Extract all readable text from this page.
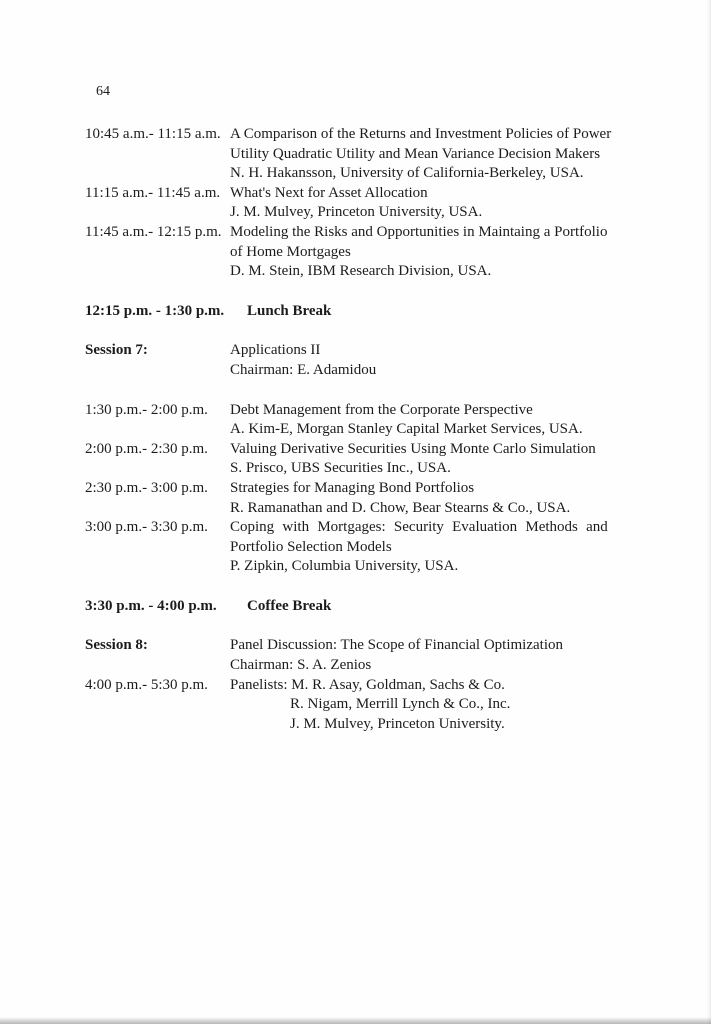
64
10:45 a.m.- 11:15 a.m. A Comparison of the Returns and Investment Policies of Power
Utility Quadratic Utility and Mean Variance Decision Makers
N. H. Hakansson, University of California-Berkeley, USA.
11:15 a.m.- 11:45 a.m. What's Next for Asset Allocation
J. M. Mulvey, Princeton University, USA.
11:45 a.m.- 12:15 p.m. Modeling the Risks and Opportunities in Maintaing a Portfolio
of Home Mortgages
D. M. Stein, IBM Research Division, USA.
12:15 p.m. - 1:30 p.m.	Lunch Break
Session 7:	Applications II
Chairman: E. Adamidou
1:30 p.m.- 2:00 p.m.	Debt Management from the Corporate Perspective
A. Kim-E, Morgan Stanley Capital Market Services, USA.
2:00 p.m.- 2:30 p.m.	Valuing Derivative Securities Using Monte Carlo Simulation
S. Prisco, UBS Securities Inc., USA.
2:30 p.m.- 3:00 p.m.	Strategies for Managing Bond Portfolios
R. Ramanathan and D. Chow, Bear Stearns & Co., USA.
3:00 p.m.- 3:30 p.m.	Coping with Mortgages: Security Evaluation Methods and
Portfolio Selection Models
P. Zipkin, Columbia University, USA.
3:30 p.m. - 4:00 p.m.	Coffee Break
Session 8:	Panel Discussion: The Scope of Financial Optimization
Chairman: S. A. Zenios
4:00 p.m.- 5:30 p.m.	Panelists: M. R. Asay, Goldman, Sachs & Co.
R. Nigam, Merrill Lynch & Co., Inc.
J. M. Mulvey, Princeton University.
